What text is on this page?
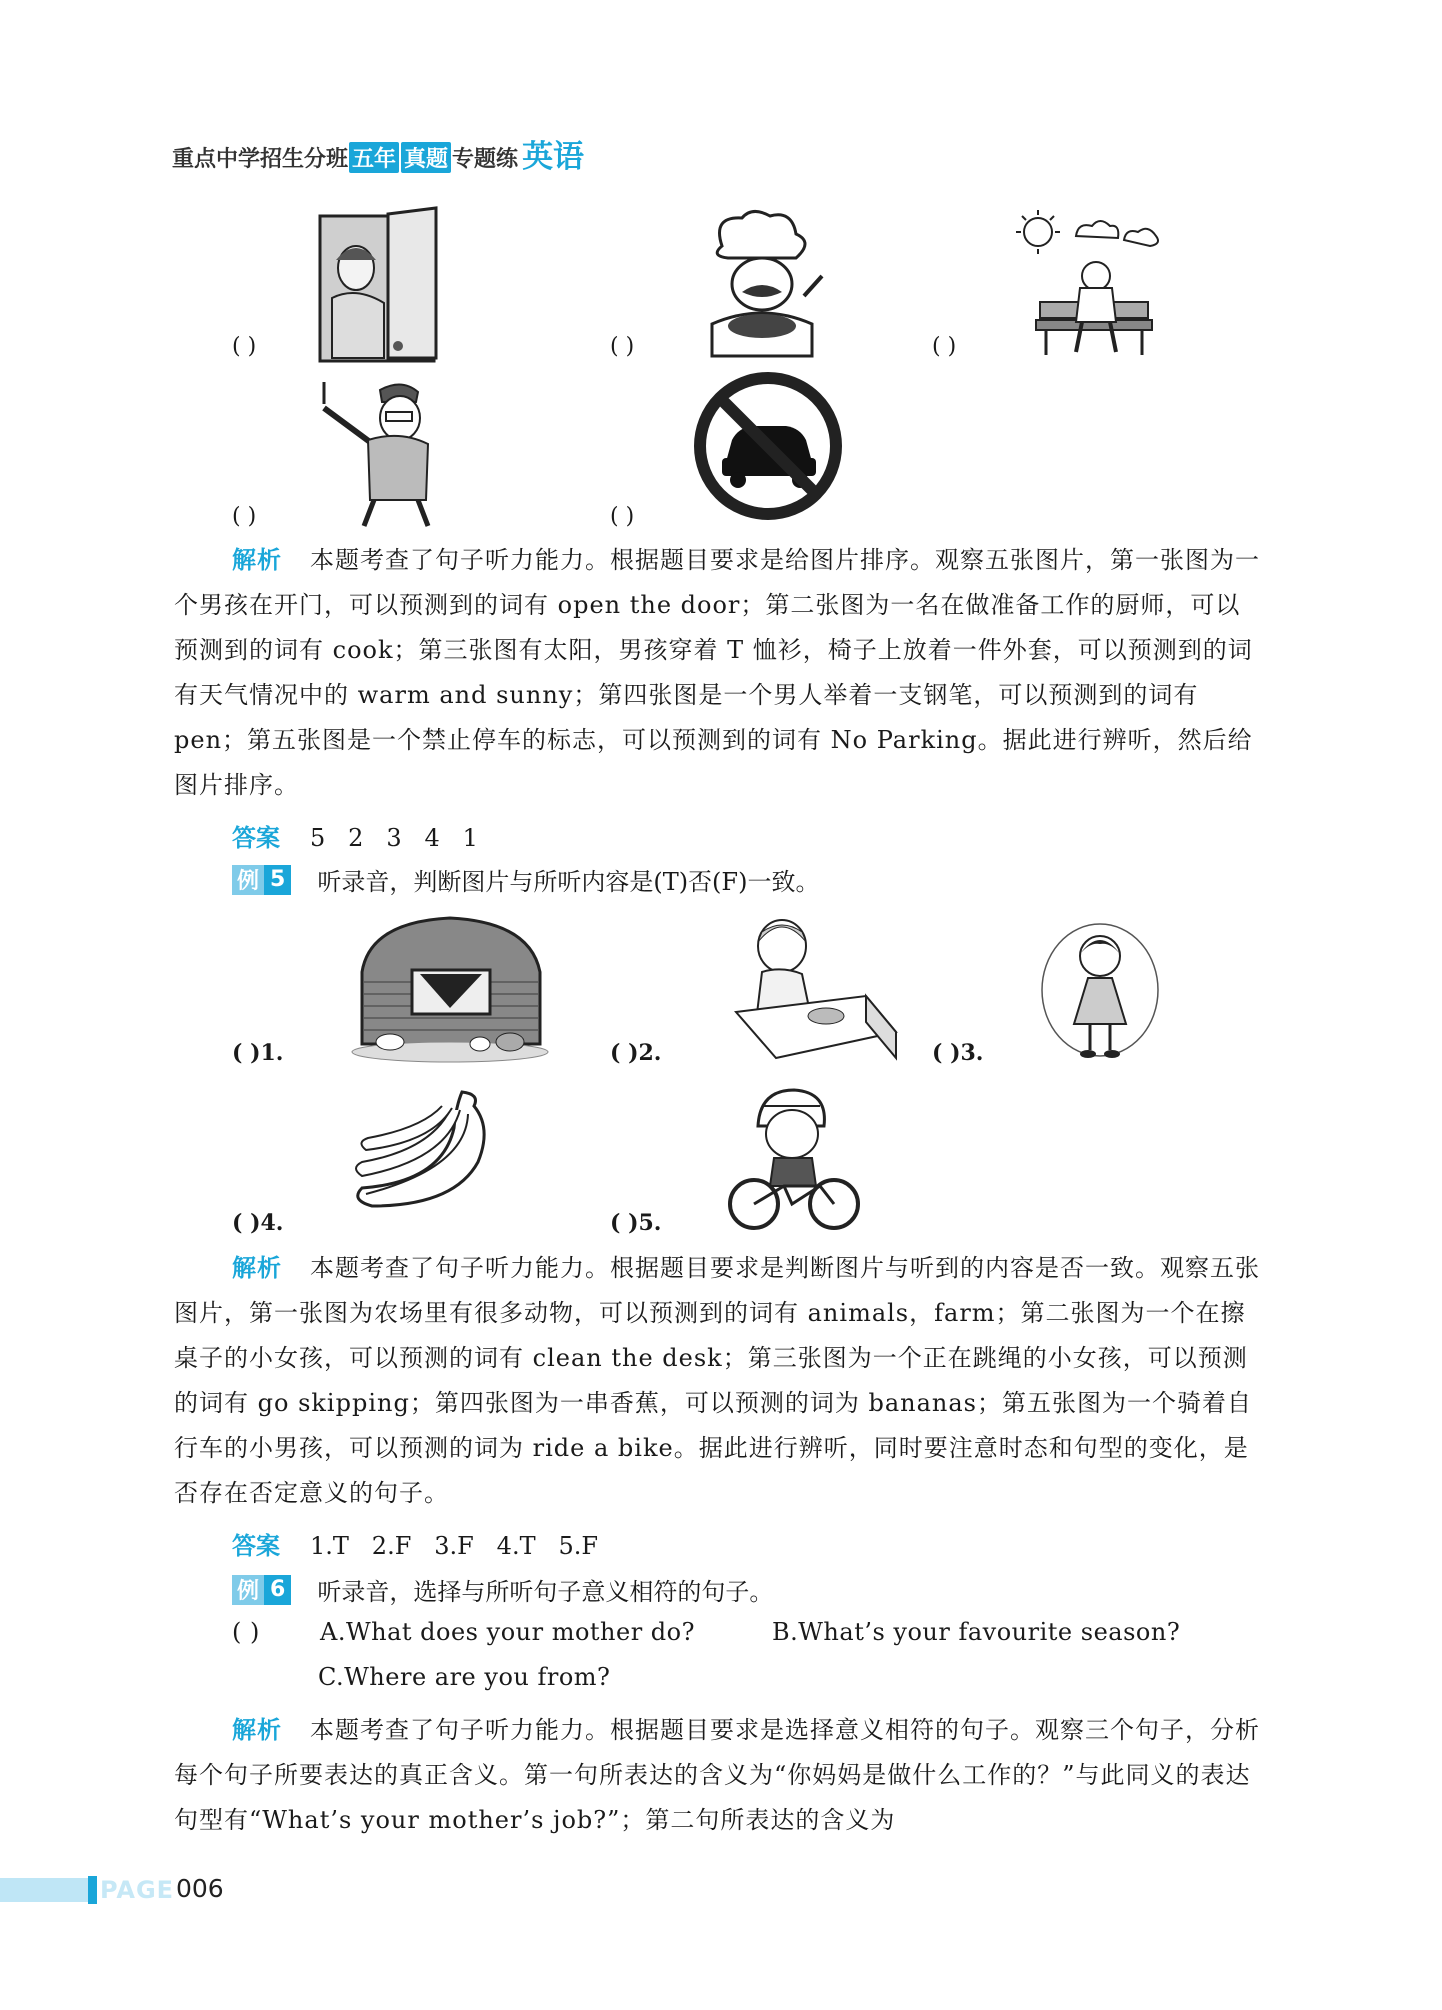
重点中学招生分班 五年 真题 专题练 英语
( )	( )	( )
( )	( )
解析 本题考查了句子听力能力。根据题目要求是给图片排序。观察五张图片，第一张图为一个男孩在开门，可以预测到的词有 open the door；第二张图为一名在做准备工作的厨师，可以预测到的词有 cook；第三张图有太阳，男孩穿着 T 恤衫，椅子上放着一件外套，可以预测到的词有天气情况中的 warm and sunny；第四张图是一个男人举着一支钢笔，可以预测到的词有 pen；第五张图是一个禁止停车的标志，可以预测到的词有 No Parking。据此进行辨听，然后给图片排序。
答案 5   2   3   4   1
例 5 听录音，判断图片与所听内容是(T)否(F)一致。
( )1.	( )2.	( )3.
( )4.	( )5.
解析 本题考查了句子听力能力。根据题目要求是判断图片与听到的内容是否一致。观察五张图片，第一张图为农场里有很多动物，可以预测到的词有 animals，farm；第二张图为一个在擦桌子的小女孩，可以预测的词有 clean the desk；第三张图为一个正在跳绳的小女孩，可以预测的词有 go skipping；第四张图为一串香蕉，可以预测的词为 bananas；第五张图为一个骑着自行车的小男孩，可以预测的词为 ride a bike。据此进行辨听，同时要注意时态和句型的变化，是否存在否定意义的句子。
答案 1.T   2.F   3.F   4.T   5.F
例 6 听录音，选择与所听句子意义相符的句子。
( )	A.What does your mother do?	B.What’s your favourite season?
C.Where are you from?
解析 本题考查了句子听力能力。根据题目要求是选择意义相符的句子。观察三个句子，分析每个句子所要表达的真正含义。第一句所表达的含义为“你妈妈是做什么工作的？”与此同义的表达句型有“What’s your mother’s job?”；第二句所表达的含义为
PAGE 006
